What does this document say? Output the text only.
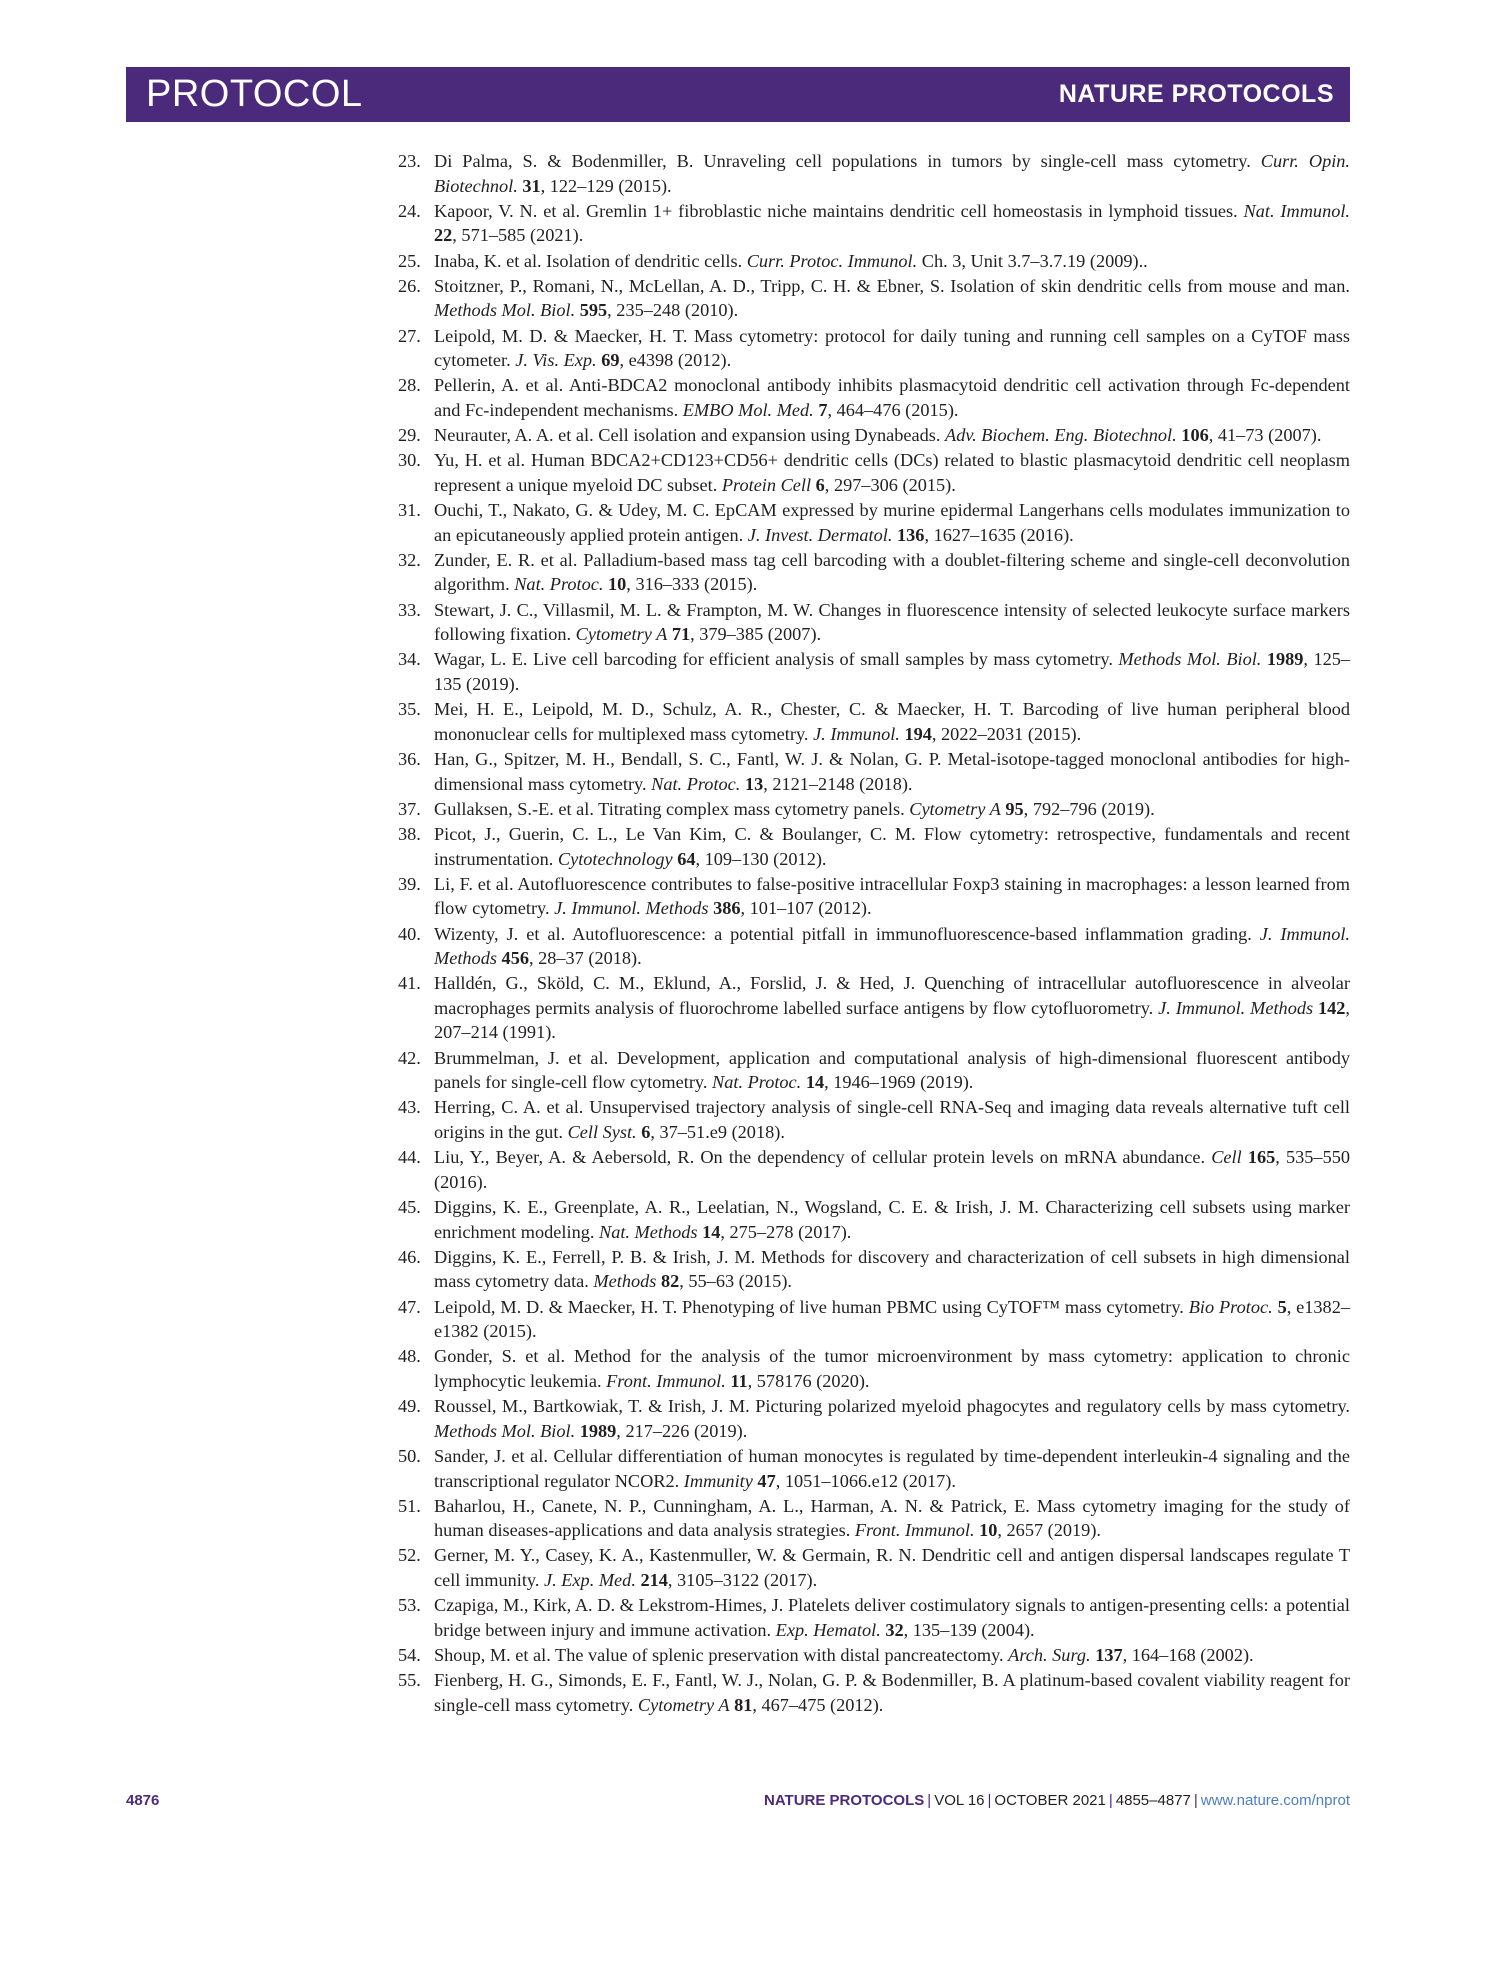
PROTOCOL	NATURE PROTOCOLS
23. Di Palma, S. & Bodenmiller, B. Unraveling cell populations in tumors by single-cell mass cytometry. Curr. Opin. Biotechnol. 31, 122–129 (2015).
24. Kapoor, V. N. et al. Gremlin 1+ fibroblastic niche maintains dendritic cell homeostasis in lymphoid tissues. Nat. Immunol. 22, 571–585 (2021).
25. Inaba, K. et al. Isolation of dendritic cells. Curr. Protoc. Immunol. Ch. 3, Unit 3.7–3.7.19 (2009)..
26. Stoitzner, P., Romani, N., McLellan, A. D., Tripp, C. H. & Ebner, S. Isolation of skin dendritic cells from mouse and man. Methods Mol. Biol. 595, 235–248 (2010).
27. Leipold, M. D. & Maecker, H. T. Mass cytometry: protocol for daily tuning and running cell samples on a CyTOF mass cytometer. J. Vis. Exp. 69, e4398 (2012).
28. Pellerin, A. et al. Anti-BDCA2 monoclonal antibody inhibits plasmacytoid dendritic cell activation through Fc-dependent and Fc-independent mechanisms. EMBO Mol. Med. 7, 464–476 (2015).
29. Neurauter, A. A. et al. Cell isolation and expansion using Dynabeads. Adv. Biochem. Eng. Biotechnol. 106, 41–73 (2007).
30. Yu, H. et al. Human BDCA2+CD123+CD56+ dendritic cells (DCs) related to blastic plasmacytoid dendritic cell neoplasm represent a unique myeloid DC subset. Protein Cell 6, 297–306 (2015).
31. Ouchi, T., Nakato, G. & Udey, M. C. EpCAM expressed by murine epidermal Langerhans cells modulates immunization to an epicutaneously applied protein antigen. J. Invest. Dermatol. 136, 1627–1635 (2016).
32. Zunder, E. R. et al. Palladium-based mass tag cell barcoding with a doublet-filtering scheme and single-cell deconvolution algorithm. Nat. Protoc. 10, 316–333 (2015).
33. Stewart, J. C., Villasmil, M. L. & Frampton, M. W. Changes in fluorescence intensity of selected leukocyte surface markers following fixation. Cytometry A 71, 379–385 (2007).
34. Wagar, L. E. Live cell barcoding for efficient analysis of small samples by mass cytometry. Methods Mol. Biol. 1989, 125–135 (2019).
35. Mei, H. E., Leipold, M. D., Schulz, A. R., Chester, C. & Maecker, H. T. Barcoding of live human peripheral blood mononuclear cells for multiplexed mass cytometry. J. Immunol. 194, 2022–2031 (2015).
36. Han, G., Spitzer, M. H., Bendall, S. C., Fantl, W. J. & Nolan, G. P. Metal-isotope-tagged monoclonal antibodies for high-dimensional mass cytometry. Nat. Protoc. 13, 2121–2148 (2018).
37. Gullaksen, S.-E. et al. Titrating complex mass cytometry panels. Cytometry A 95, 792–796 (2019).
38. Picot, J., Guerin, C. L., Le Van Kim, C. & Boulanger, C. M. Flow cytometry: retrospective, fundamentals and recent instrumentation. Cytotechnology 64, 109–130 (2012).
39. Li, F. et al. Autofluorescence contributes to false-positive intracellular Foxp3 staining in macrophages: a lesson learned from flow cytometry. J. Immunol. Methods 386, 101–107 (2012).
40. Wizenty, J. et al. Autofluorescence: a potential pitfall in immunofluorescence-based inflammation grading. J. Immunol. Methods 456, 28–37 (2018).
41. Halldén, G., Sköld, C. M., Eklund, A., Forslid, J. & Hed, J. Quenching of intracellular autofluorescence in alveolar macrophages permits analysis of fluorochrome labelled surface antigens by flow cytofluorometry. J. Immunol. Methods 142, 207–214 (1991).
42. Brummelman, J. et al. Development, application and computational analysis of high-dimensional fluorescent antibody panels for single-cell flow cytometry. Nat. Protoc. 14, 1946–1969 (2019).
43. Herring, C. A. et al. Unsupervised trajectory analysis of single-cell RNA-Seq and imaging data reveals alternative tuft cell origins in the gut. Cell Syst. 6, 37–51.e9 (2018).
44. Liu, Y., Beyer, A. & Aebersold, R. On the dependency of cellular protein levels on mRNA abundance. Cell 165, 535–550 (2016).
45. Diggins, K. E., Greenplate, A. R., Leelatian, N., Wogsland, C. E. & Irish, J. M. Characterizing cell subsets using marker enrichment modeling. Nat. Methods 14, 275–278 (2017).
46. Diggins, K. E., Ferrell, P. B. & Irish, J. M. Methods for discovery and characterization of cell subsets in high dimensional mass cytometry data. Methods 82, 55–63 (2015).
47. Leipold, M. D. & Maecker, H. T. Phenotyping of live human PBMC using CyTOF™ mass cytometry. Bio Protoc. 5, e1382–e1382 (2015).
48. Gonder, S. et al. Method for the analysis of the tumor microenvironment by mass cytometry: application to chronic lymphocytic leukemia. Front. Immunol. 11, 578176 (2020).
49. Roussel, M., Bartkowiak, T. & Irish, J. M. Picturing polarized myeloid phagocytes and regulatory cells by mass cytometry. Methods Mol. Biol. 1989, 217–226 (2019).
50. Sander, J. et al. Cellular differentiation of human monocytes is regulated by time-dependent interleukin-4 signaling and the transcriptional regulator NCOR2. Immunity 47, 1051–1066.e12 (2017).
51. Baharlou, H., Canete, N. P., Cunningham, A. L., Harman, A. N. & Patrick, E. Mass cytometry imaging for the study of human diseases-applications and data analysis strategies. Front. Immunol. 10, 2657 (2019).
52. Gerner, M. Y., Casey, K. A., Kastenmuller, W. & Germain, R. N. Dendritic cell and antigen dispersal landscapes regulate T cell immunity. J. Exp. Med. 214, 3105–3122 (2017).
53. Czapiga, M., Kirk, A. D. & Lekstrom-Himes, J. Platelets deliver costimulatory signals to antigen-presenting cells: a potential bridge between injury and immune activation. Exp. Hematol. 32, 135–139 (2004).
54. Shoup, M. et al. The value of splenic preservation with distal pancreatectomy. Arch. Surg. 137, 164–168 (2002).
55. Fienberg, H. G., Simonds, E. F., Fantl, W. J., Nolan, G. P. & Bodenmiller, B. A platinum-based covalent viability reagent for single-cell mass cytometry. Cytometry A 81, 467–475 (2012).
4876	NATURE PROTOCOLS | VOL 16 | OCTOBER 2021 | 4855–4877 | www.nature.com/nprot
